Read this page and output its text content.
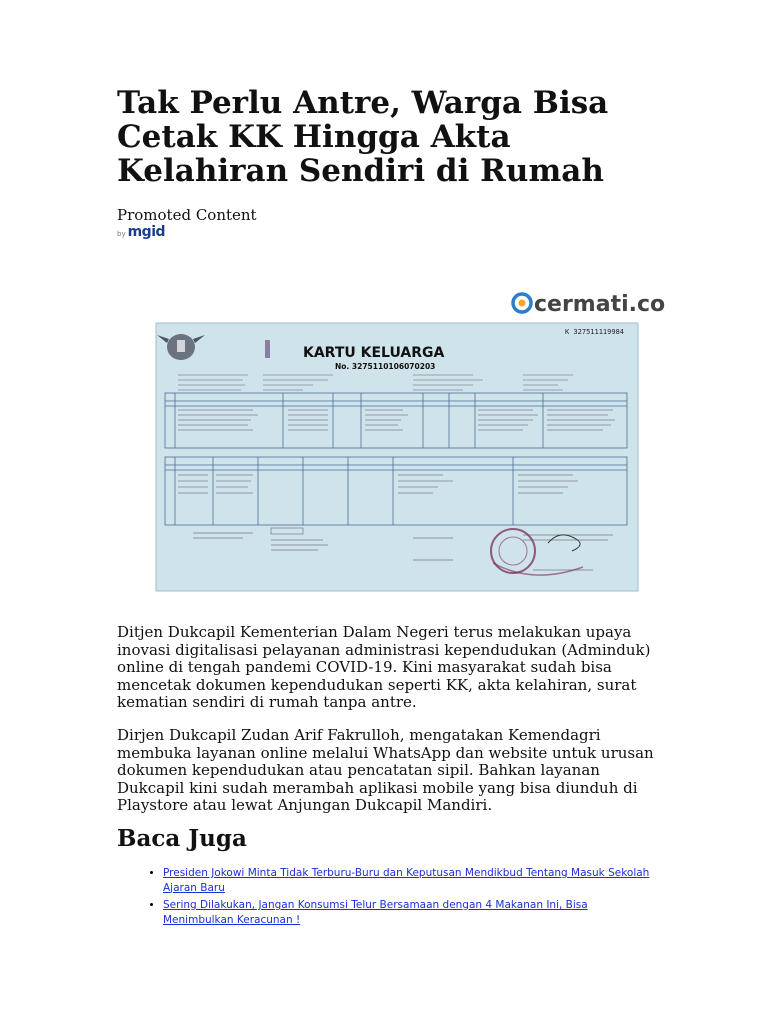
Tak Perlu Antre, Warga Bisa Cetak KK Hingga Akta Kelahiran Sendiri di Rumah
Promoted Content
by mgid
cermati.co
K 327511119984
KARTU KELUARGA
No. 3275110106070203

Ditjen Dukcapil Kementerian Dalam Negeri terus melakukan upaya inovasi digitalisasi pelayanan administrasi kependudukan (Adminduk) online di tengah pandemi COVID-19. Kini masyarakat sudah bisa mencetak dokumen kependudukan seperti KK, akta kelahiran, surat kematian sendiri di rumah tanpa antre.

Dirjen Dukcapil Zudan Arif Fakrulloh, mengatakan Kemendagri membuka layanan online melalui WhatsApp dan website untuk urusan dokumen kependudukan atau pencatatan sipil. Bahkan layanan Dukcapil kini sudah merambah aplikasi mobile yang bisa diunduh di Playstore atau lewat Anjungan Dukcapil Mandiri.

Baca Juga
• Presiden Jokowi Minta Tidak Terburu-Buru dan Keputusan Mendikbud Tentang Masuk Sekolah Ajaran Baru
• Sering Dilakukan, Jangan Konsumsi Telur Bersamaan dengan 4 Makanan Ini, Bisa Menimbulkan Keracunan !
